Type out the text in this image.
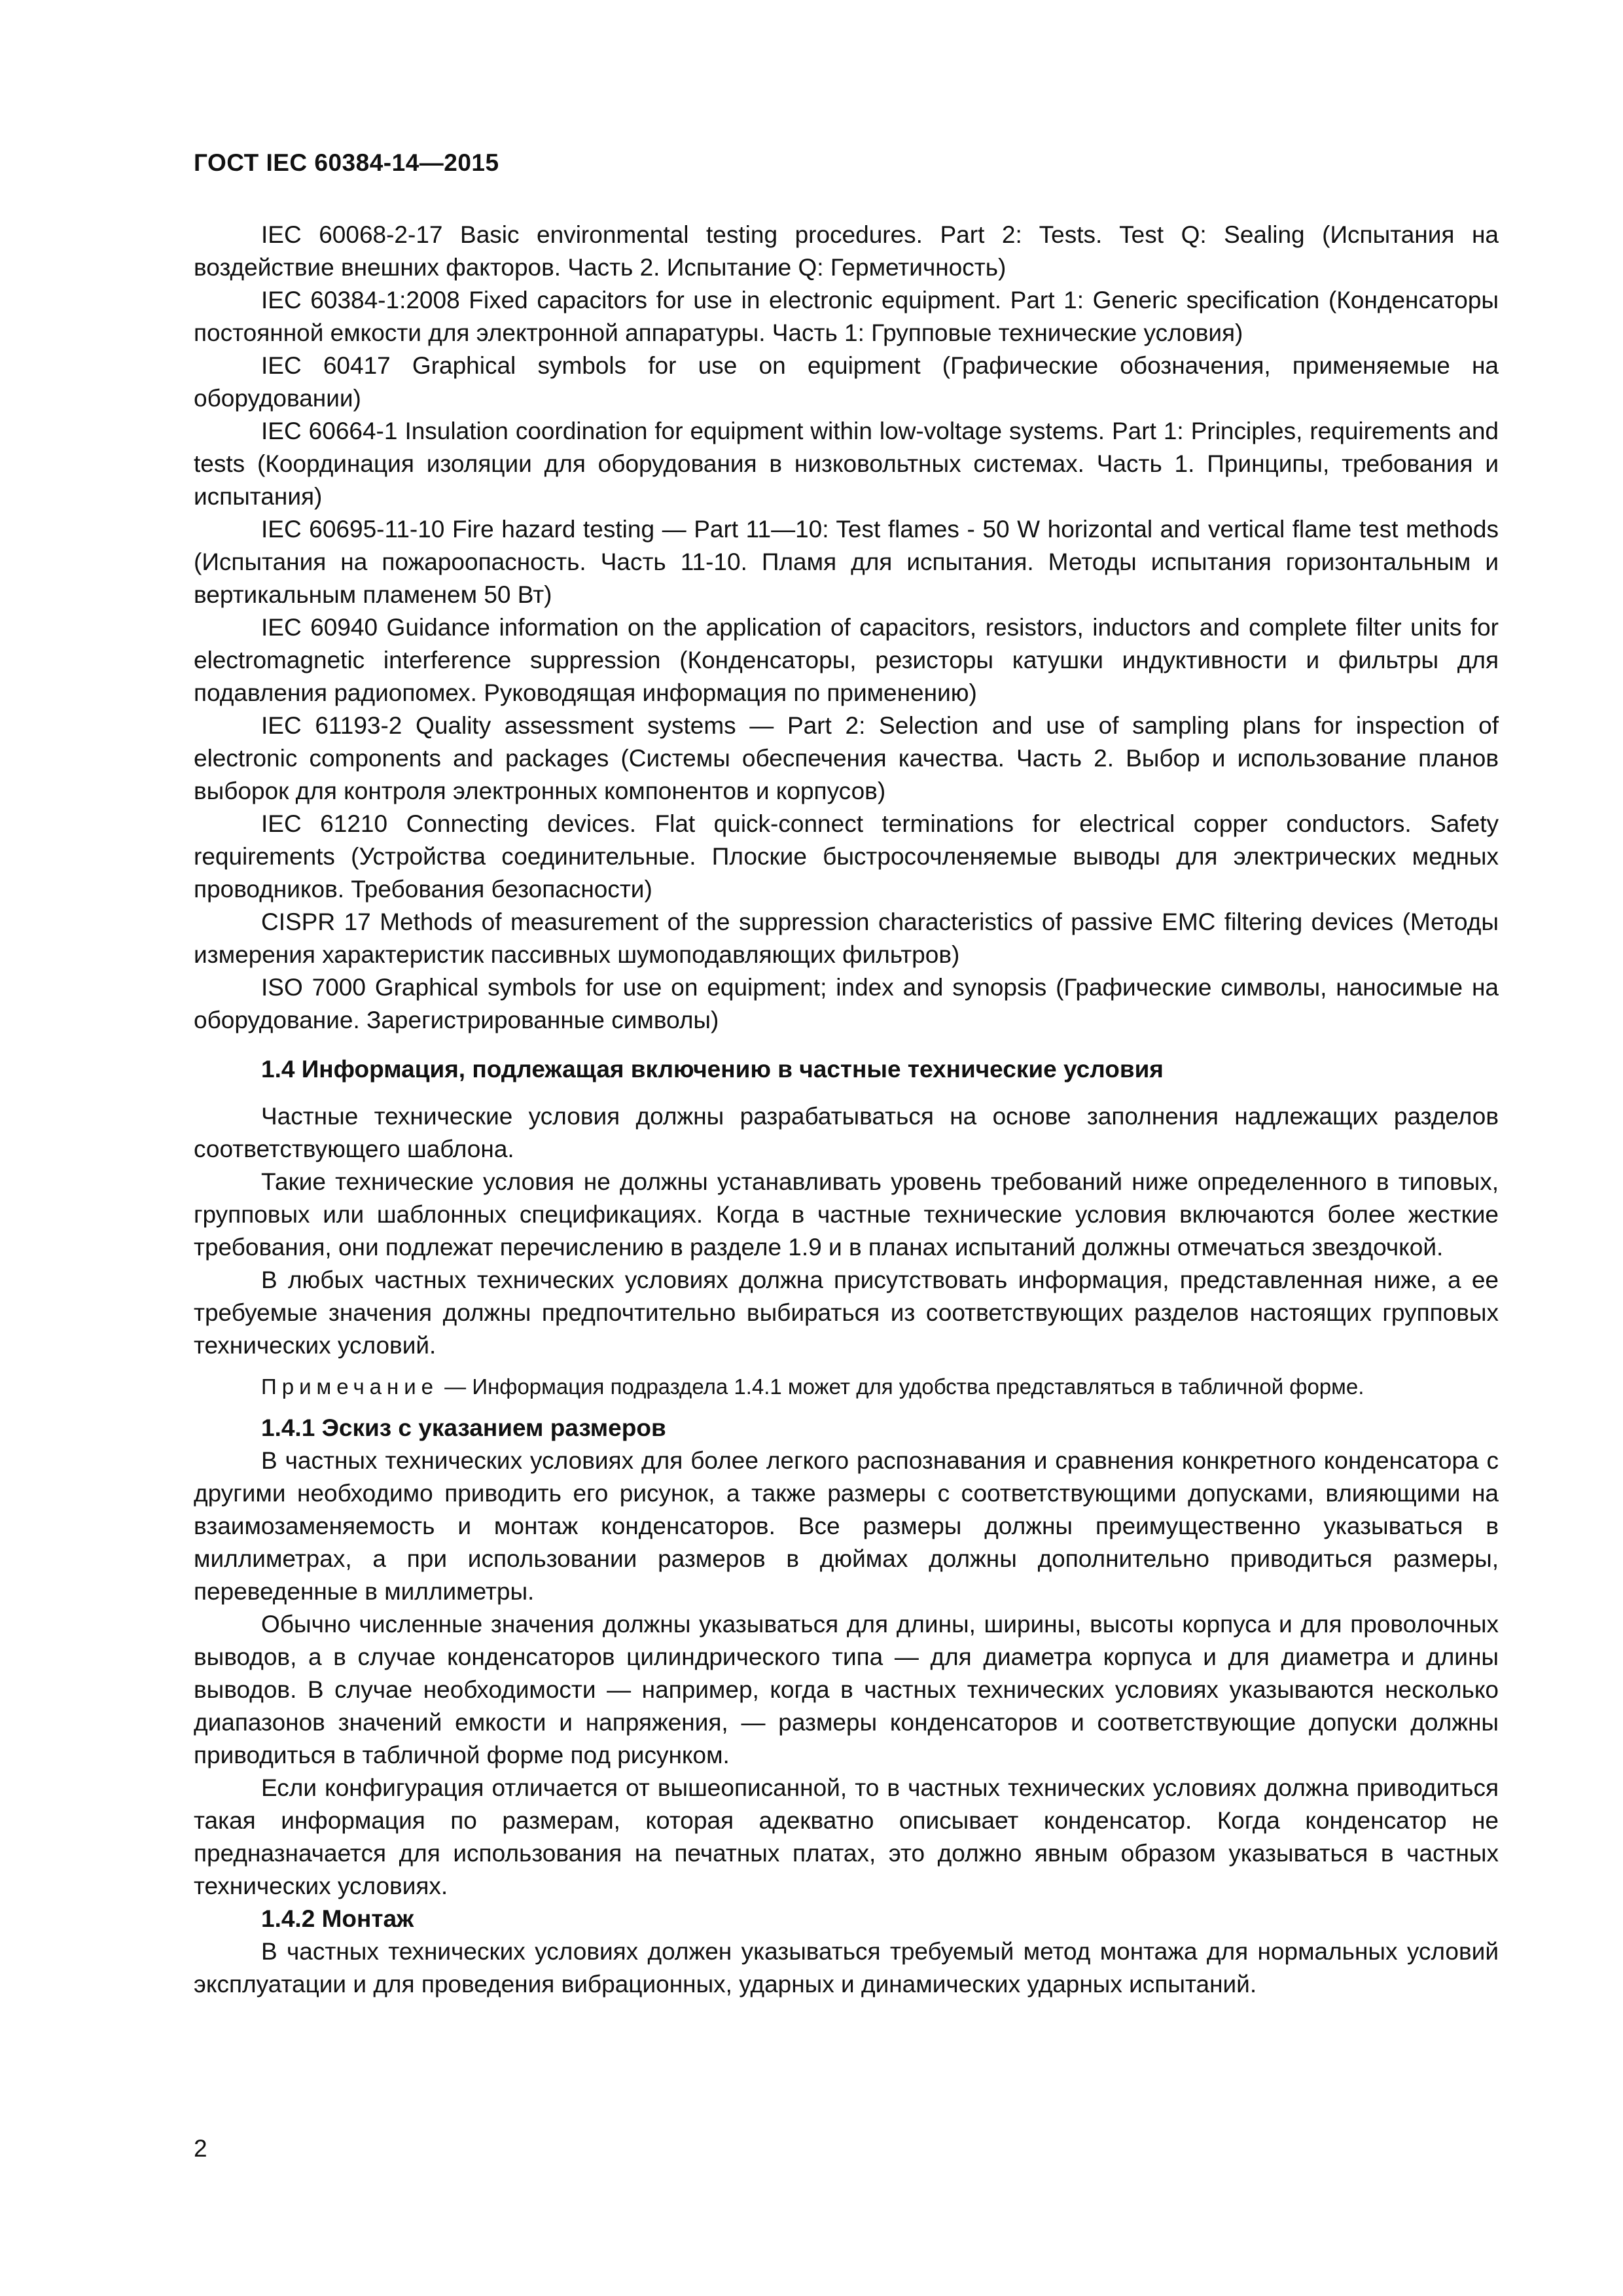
ГОСТ IEC 60384-14—2015

IEC 60068-2-17 Basic environmental testing procedures. Part 2: Tests. Test Q: Sealing (Испытания на воздействие внешних факторов. Часть 2. Испытание Q: Герметичность)

IEC 60384-1:2008 Fixed capacitors for use in electronic equipment. Part 1: Generic specification (Конденсаторы постоянной емкости для электронной аппаратуры. Часть 1: Групповые технические условия)

IEC 60417 Graphical symbols for use on equipment (Графические обозначения, применяемые на оборудовании)

IEC 60664-1 Insulation coordination for equipment within low-voltage systems. Part 1: Principles, requirements and tests (Координация изоляции для оборудования в низковольтных системах. Часть 1. Принципы, требования и испытания)

IEC 60695-11-10 Fire hazard testing — Part 11—10: Test flames - 50 W horizontal and vertical flame test methods (Испытания на пожароопасность. Часть 11-10. Пламя для испытания. Методы испытания горизонтальным и вертикальным пламенем 50 Вт)

IEC 60940 Guidance information on the application of capacitors, resistors, inductors and complete filter units for electromagnetic interference suppression (Конденсаторы, резисторы катушки индуктивности и фильтры для подавления радиопомех. Руководящая информация по применению)

IEC 61193-2 Quality assessment systems — Part 2: Selection and use of sampling plans for inspection of electronic components and packages (Системы обеспечения качества. Часть 2. Выбор и использование планов выборок для контроля электронных компонентов и корпусов)

IEC 61210 Connecting devices. Flat quick-connect terminations for electrical copper conductors. Safety requirements (Устройства соединительные. Плоские быстросочленяемые выводы для электрических медных проводников. Требования безопасности)

CISPR 17 Methods of measurement of the suppression characteristics of passive EMC filtering devices (Методы измерения характеристик пассивных шумоподавляющих фильтров)

ISO 7000 Graphical symbols for use on equipment; index and synopsis (Графические символы, наносимые на оборудование. Зарегистрированные символы)

1.4 Информация, подлежащая включению в частные технические условия

Частные технические условия должны разрабатываться на основе заполнения надлежащих разделов соответствующего шаблона.

Такие технические условия не должны устанавливать уровень требований ниже определенного в типовых, групповых или шаблонных спецификациях. Когда в частные технические условия включаются более жесткие требования, они подлежат перечислению в разделе 1.9 и в планах испытаний должны отмечаться звездочкой.

В любых частных технических условиях должна присутствовать информация, представленная ниже, а ее требуемые значения должны предпочтительно выбираться из соответствующих разделов настоящих групповых технических условий.

Примечание — Информация подраздела 1.4.1 может для удобства представляться в табличной форме.

1.4.1 Эскиз с указанием размеров

В частных технических условиях для более легкого распознавания и сравнения конкретного конденсатора с другими необходимо приводить его рисунок, а также размеры с соответствующими допусками, влияющими на взаимозаменяемость и монтаж конденсаторов. Все размеры должны преимущественно указываться в миллиметрах, а при использовании размеров в дюймах должны дополнительно приводиться размеры, переведенные в миллиметры.

Обычно численные значения должны указываться для длины, ширины, высоты корпуса и для проволочных выводов, а в случае конденсаторов цилиндрического типа — для диаметра корпуса и для диаметра и длины выводов. В случае необходимости — например, когда в частных технических условиях указываются несколько диапазонов значений емкости и напряжения, — размеры конденсаторов и соответствующие допуски должны приводиться в табличной форме под рисунком.

Если конфигурация отличается от вышеописанной, то в частных технических условиях должна приводиться такая информация по размерам, которая адекватно описывает конденсатор. Когда конденсатор не предназначается для использования на печатных платах, это должно явным образом указываться в частных технических условиях.

1.4.2 Монтаж

В частных технических условиях должен указываться требуемый метод монтажа для нормальных условий эксплуатации и для проведения вибрационных, ударных и динамических ударных испытаний.

2
